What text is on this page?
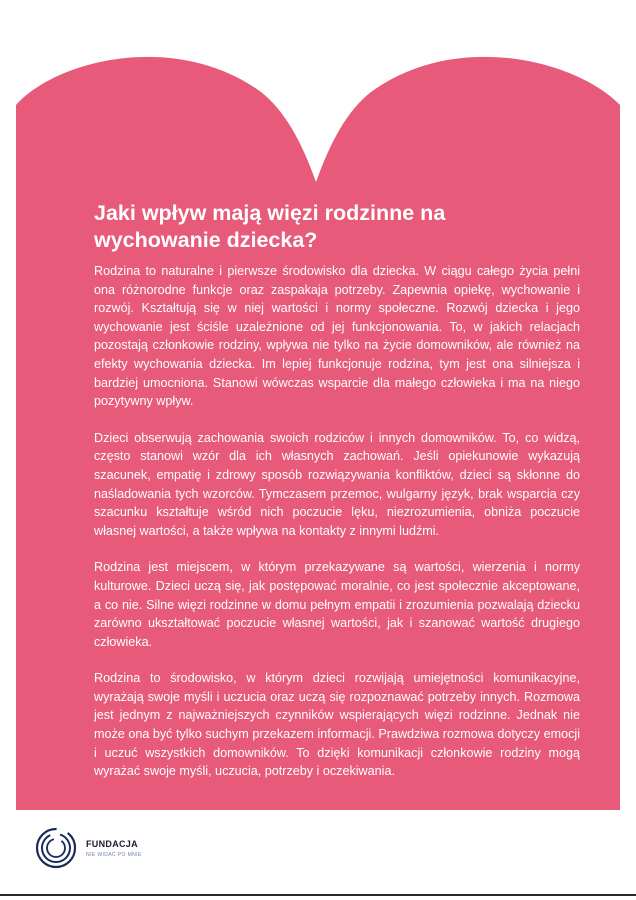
Jaki wpływ mają więzi rodzinne na wychowanie dziecka?

Rodzina to naturalne i pierwsze środowisko dla dziecka. W ciągu całego życia pełni ona różnorodne funkcje oraz zaspakaja potrzeby. Zapewnia opiekę, wychowanie i rozwój. Kształtują się w niej wartości i normy społeczne. Rozwój dziecka i jego wychowanie jest ściśle uzależnione od jej funkcjonowania. To, w jakich relacjach pozostają członkowie rodziny, wpływa nie tylko na życie domowników, ale również na efekty wychowania dziecka. Im lepiej funkcjonuje rodzina, tym jest ona silniejsza i bardziej umocniona. Stanowi wówczas wsparcie dla małego człowieka i ma na niego pozytywny wpływ.

Dzieci obserwują zachowania swoich rodziców i innych domowników. To, co widzą, często stanowi wzór dla ich własnych zachowań. Jeśli opiekunowie wykazują szacunek, empatię i zdrowy sposób rozwiązywania konfliktów, dzieci są skłonne do naśladowania tych wzorców. Tymczasem przemoc, wulgarny język, brak wsparcia czy szacunku kształtuje wśród nich poczucie lęku, niezrozumienia, obniża poczucie własnej wartości, a także wpływa na kontakty z innymi ludźmi.

Rodzina jest miejscem, w którym przekazywane są wartości, wierzenia i normy kulturowe. Dzieci uczą się, jak postępować moralnie, co jest społecznie akceptowane, a co nie. Silne więzi rodzinne w domu pełnym empatii i zrozumienia pozwalają dziecku zarówno ukształtować poczucie własnej wartości, jak i szanować wartość drugiego człowieka.

Rodzina to środowisko, w którym dzieci rozwijają umiejętności komunikacyjne, wyrażają swoje myśli i uczucia oraz uczą się rozpoznawać potrzeby innych. Rozmowa jest jednym z najważniejszych czynników wspierających więzi rodzinne. Jednak nie może ona być tylko suchym przekazem informacji. Prawdziwa rozmowa dotyczy emocji i uczuć wszystkich domowników. To dzięki komunikacji członkowie rodziny mogą wyrażać swoje myśli, uczucia, potrzeby i oczekiwania.

FUNDACJA
NIE WIDAĆ PO MNIE
